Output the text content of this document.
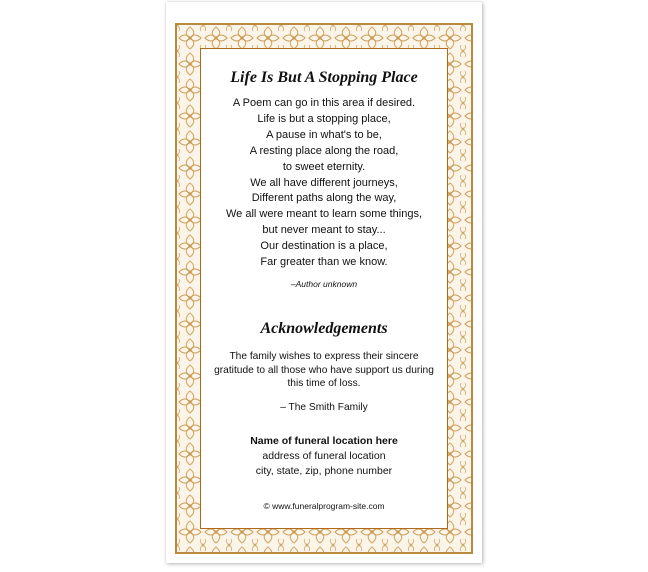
Life Is But A Stopping Place
A Poem can go in this area if desired.
Life is but a stopping place,
A pause in what's to be,
A resting place along the road,
to sweet eternity.
We all have different journeys,
Different paths along the way,
We all were meant to learn some things,
but never meant to stay...
Our destination is a place,
Far greater than we know.
–Author unknown
Acknowledgements
The family wishes to express their sincere
gratitude to all those who have support us during
this time of loss.
– The Smith Family
Name of funeral location here
address of funeral location
city, state, zip, phone number
© www.funeralprogram-site.com
